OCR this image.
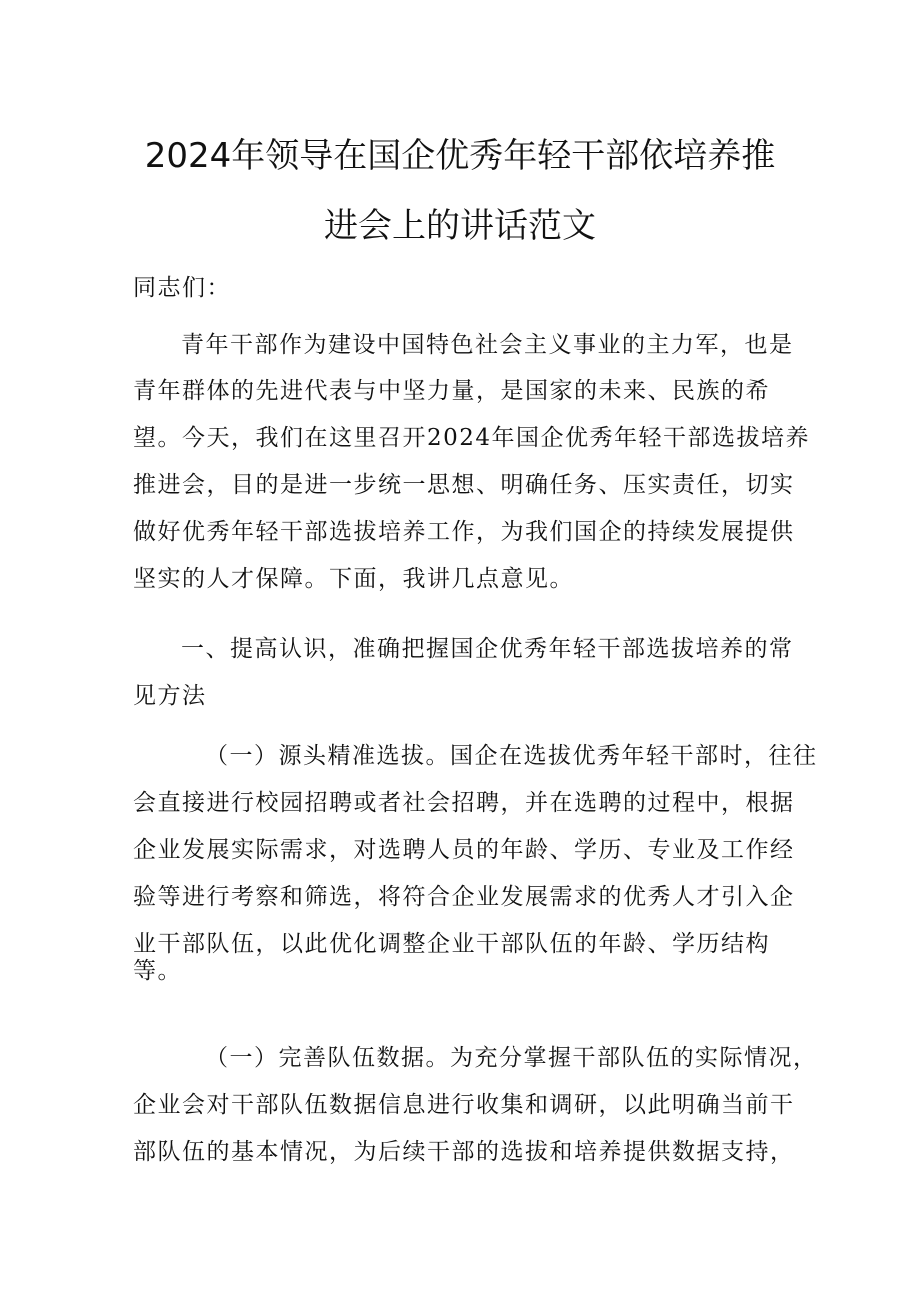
2024年领导在国企优秀年轻干部依培养推
进会上的讲话范文
同志们：
青年干部作为建设中国特色社会主义事业的主力军，也是
青年群体的先进代表与中坚力量，是国家的未来、民族的希
望。今天，我们在这里召开2024年国企优秀年轻干部选拔培养
推进会，目的是进一步统一思想、明确任务、压实责任，切实
做好优秀年轻干部选拔培养工作，为我们国企的持续发展提供
坚实的人才保障。下面，我讲几点意见。
一、提高认识，准确把握国企优秀年轻干部选拔培养的常
见方法
（一）源头精准选拔。国企在选拔优秀年轻干部时，往往
会直接进行校园招聘或者社会招聘，并在选聘的过程中，根据
企业发展实际需求，对选聘人员的年龄、学历、专业及工作经
验等进行考察和筛选，将符合企业发展需求的优秀人才引入企
业干部队伍，以此优化调整企业干部队伍的年龄、学历结构
等。
（一）完善队伍数据。为充分掌握干部队伍的实际情况，
企业会对干部队伍数据信息进行收集和调研，以此明确当前干
部队伍的基本情况，为后续干部的选拔和培养提供数据支持，
